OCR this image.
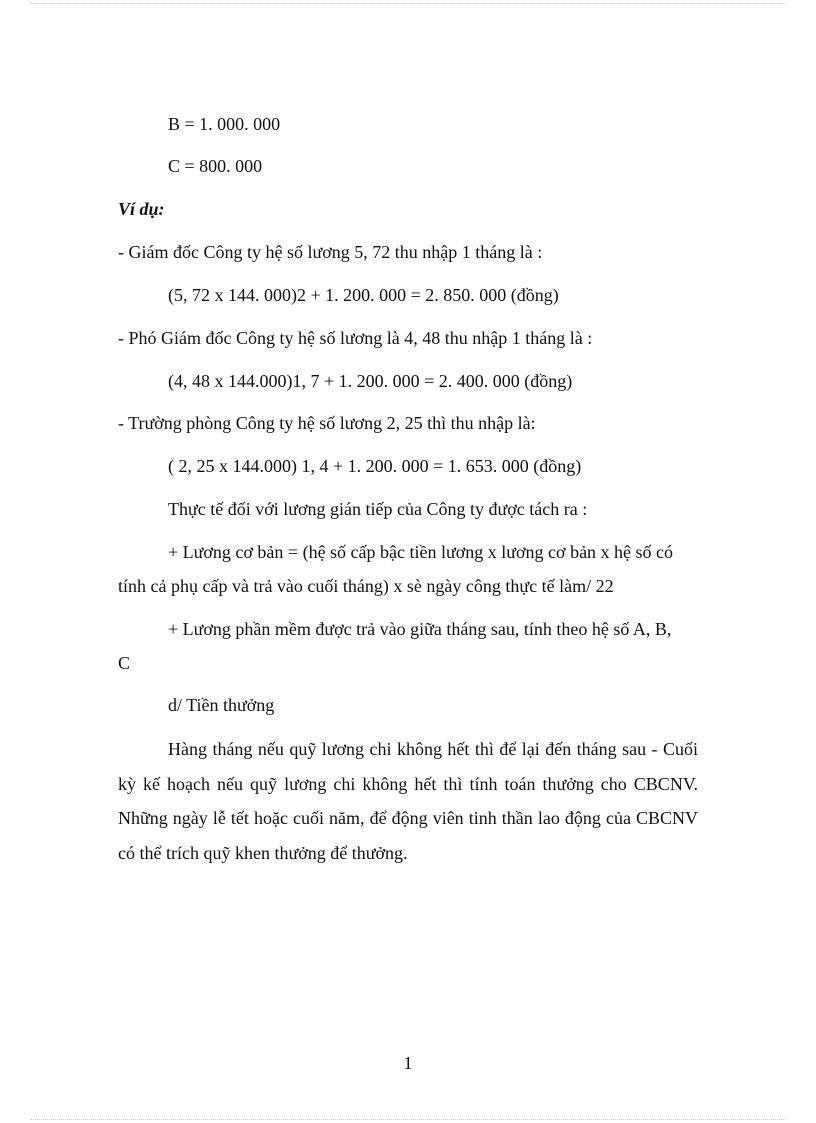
B = 1. 000. 000
C = 800. 000
Ví dụ:
- Giám đốc Công ty hệ số lương 5, 72 thu nhập 1 tháng là :
(5, 72 x 144. 000)2 + 1. 200. 000 = 2. 850. 000 (đồng)
- Phó Giám đốc Công ty hệ số lương là 4, 48 thu nhập 1 tháng là :
(4, 48 x 144.000)1, 7 + 1. 200. 000 = 2. 400. 000 (đồng)
- Trường phòng Công ty hệ số lương 2, 25 thì thu nhập là:
( 2, 25 x 144.000) 1, 4 + 1. 200. 000 = 1. 653. 000 (đồng)
Thực tế đối với lương gián tiếp của Công ty được tách ra :
+ Lương cơ bản = (hệ số cấp bậc tiền lương x lương cơ bản x hệ số có
tính cả phụ cấp và trả vào cuối tháng) x sè ngày công thực tế làm/ 22
+ Lương phần mềm được trả vào giữa tháng sau, tính theo hệ số A, B,
C
d/ Tiền thưởng
Hàng tháng nếu quỹ lương chi không hết thì để lại đến tháng sau - Cuối kỳ kế hoạch nếu quỹ lương chi không hết thì tính toán thưởng cho CBCNV. Những ngày lễ tết hoặc cuối năm, để động viên tinh thần lao động của CBCNV có thể trích quỹ khen thưởng để thưởng.
1
